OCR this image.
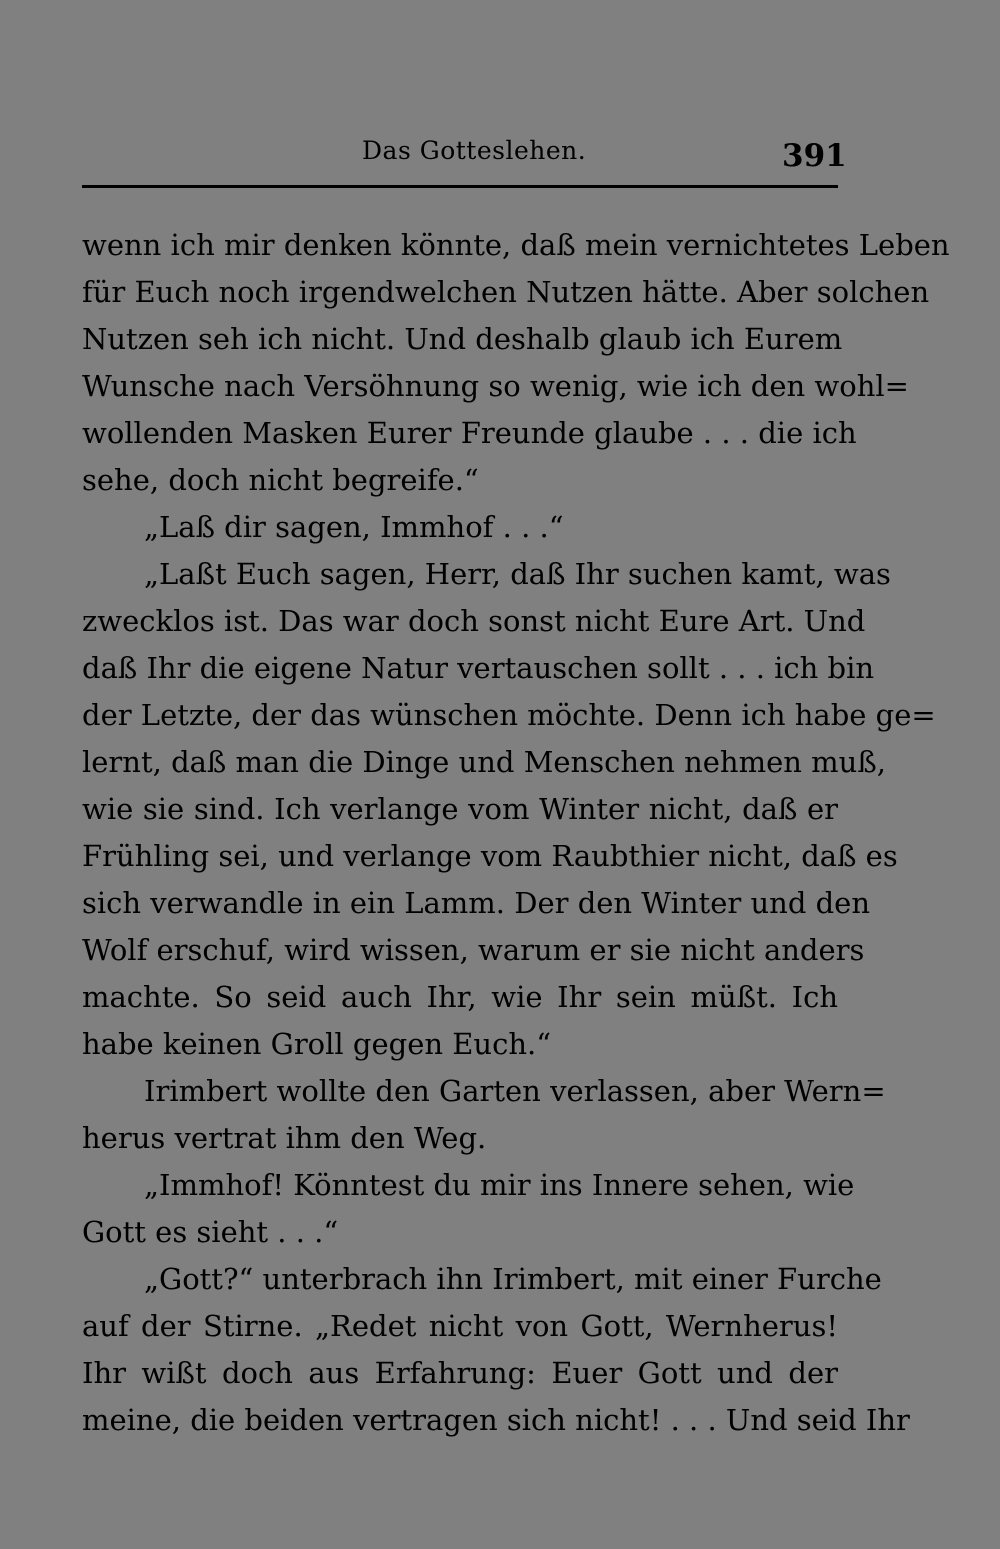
Das Gotteslehen.	391
wenn ich mir denken könnte, daß mein vernichtetes Leben
für Euch noch irgendwelchen Nutzen hätte. Aber solchen
Nutzen seh ich nicht. Und deshalb glaub ich Eurem
Wunsche nach Versöhnung so wenig, wie ich den wohl=
wollenden Masken Eurer Freunde glaube . . . die ich
sehe, doch nicht begreife.“
„Laß dir sagen, Immhof . . .“
„Laßt Euch sagen, Herr, daß Ihr suchen kamt, was
zwecklos ist. Das war doch sonst nicht Eure Art. Und
daß Ihr die eigene Natur vertauschen sollt . . . ich bin
der Letzte, der das wünschen möchte. Denn ich habe ge=
lernt, daß man die Dinge und Menschen nehmen muß,
wie sie sind. Ich verlange vom Winter nicht, daß er
Frühling sei, und verlange vom Raubthier nicht, daß es
sich verwandle in ein Lamm. Der den Winter und den
Wolf erschuf, wird wissen, warum er sie nicht anders
machte. So seid auch Ihr, wie Ihr sein müßt. Ich
habe keinen Groll gegen Euch.“
Irimbert wollte den Garten verlassen, aber Wern=
herus vertrat ihm den Weg.
„Immhof! Könntest du mir ins Innere sehen, wie
Gott es sieht . . .“
„Gott?“ unterbrach ihn Irimbert, mit einer Furche
auf der Stirne. „Redet nicht von Gott, Wernherus!
Ihr wißt doch aus Erfahrung: Euer Gott und der
meine, die beiden vertragen sich nicht! . . . Und seid Ihr
